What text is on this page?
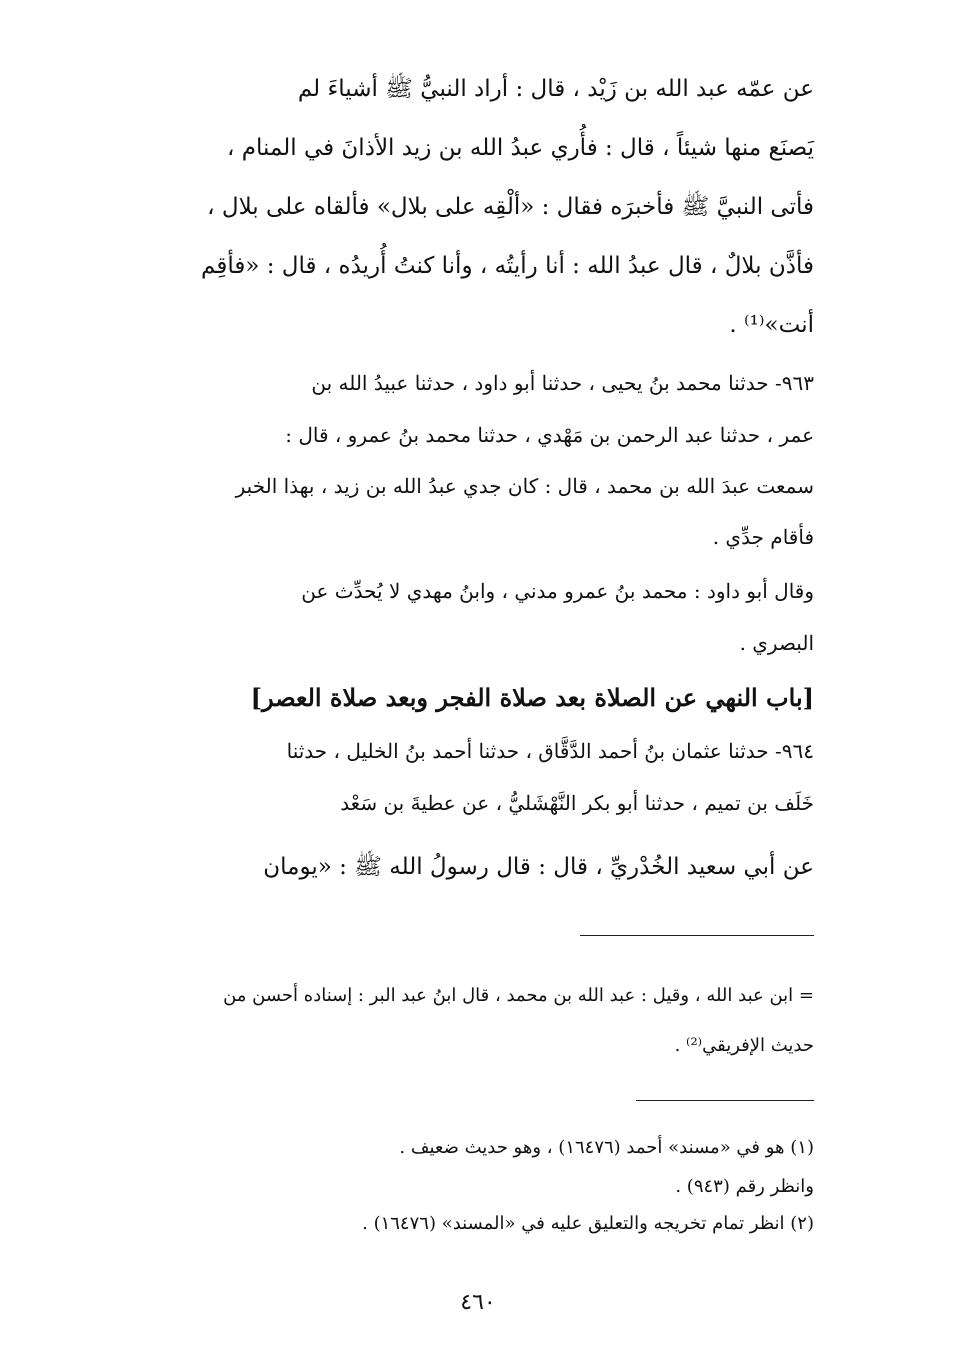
عن عمّه عبد الله بن زَيْد ، قال : أراد النبيُّ ﷺ أشياءَ لم
يَصنَع منها شيئاً ، قال : فأُري عبدُ الله بن زيد الأذانَ في المنام ،
فأتى النبيَّ ﷺ فأخبرَه فقال : «ألْقِه على بلال» فألقاه على بلال ،
فأذَّن بلالٌ ، قال عبدُ الله : أنا رأيتُه ، وأنا كنتُ أُريدُه ، قال : «فأقِم
أنت»⁽¹⁾ .
٩٦٣- حدثنا محمد بنُ يحيى ، حدثنا أبو داود ، حدثنا عبيدُ الله بن
عمر ، حدثنا عبد الرحمن بن مَهْدي ، حدثنا محمد بنُ عمرو ، قال :
سمعت عبدَ الله بن محمد ، قال : كان جدي عبدُ الله بن زيد ، بهذا الخبر
فأقام جدِّي .
وقال أبو داود : محمد بنُ عمرو مدني ، وابنُ مهدي لا يُحدِّث عن
البصري .
[باب النهي عن الصلاة بعد صلاة الفجر وبعد صلاة العصر]
٩٦٤- حدثنا عثمان بنُ أحمد الدَّقَّاق ، حدثنا أحمد بنُ الخليل ، حدثنا
خَلَف بن تميم ، حدثنا أبو بكر النَّهْشَليُّ ، عن عطيةَ بن سَعْد
عن أبي سعيد الخُدْريِّ ، قال : قال رسولُ الله ﷺ : «يومان
= ابن عبد الله ، وقيل : عبد الله بن محمد ، قال ابنُ عبد البر : إسناده أحسن من
حديث الإفريقي⁽²⁾ .
(١) هو في «مسند» أحمد (١٦٤٧٦) ، وهو حديث ضعيف .
وانظر رقم (٩٤٣) .
(٢) انظر تمام تخريجه والتعليق عليه في «المسند» (١٦٤٧٦) .
٤٦٠
